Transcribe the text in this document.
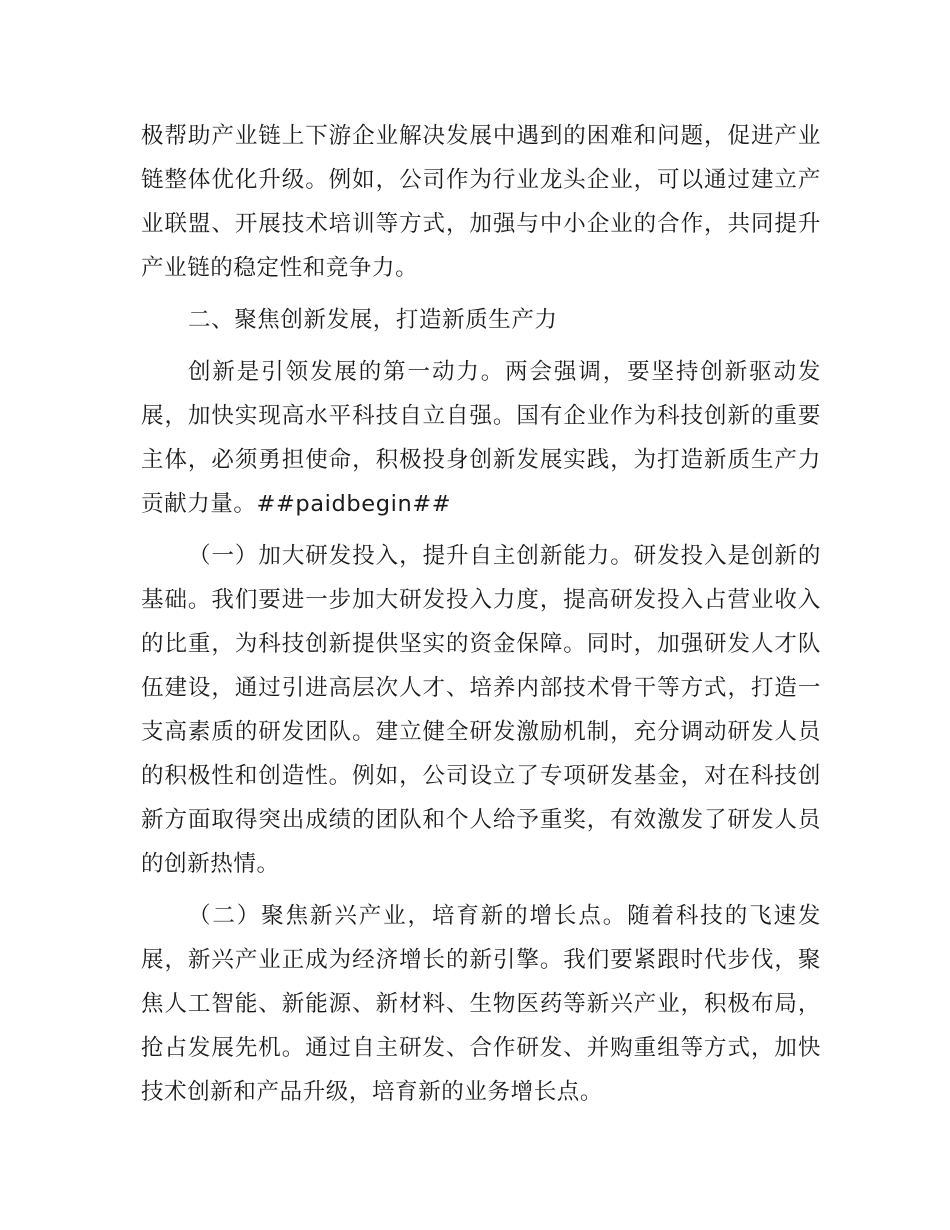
极帮助产业链上下游企业解决发展中遇到的困难和问题，促进产业链整体优化升级。例如，公司作为行业龙头企业，可以通过建立产业联盟、开展技术培训等方式，加强与中小企业的合作，共同提升产业链的稳定性和竞争力。

二、聚焦创新发展，打造新质生产力

创新是引领发展的第一动力。两会强调，要坚持创新驱动发展，加快实现高水平科技自立自强。国有企业作为科技创新的重要主体，必须勇担使命，积极投身创新发展实践，为打造新质生产力贡献力量。##paidbegin##

（一）加大研发投入，提升自主创新能力。研发投入是创新的基础。我们要进一步加大研发投入力度，提高研发投入占营业收入的比重，为科技创新提供坚实的资金保障。同时，加强研发人才队伍建设，通过引进高层次人才、培养内部技术骨干等方式，打造一支高素质的研发团队。建立健全研发激励机制，充分调动研发人员的积极性和创造性。例如，公司设立了专项研发基金，对在科技创新方面取得突出成绩的团队和个人给予重奖，有效激发了研发人员的创新热情。

（二）聚焦新兴产业，培育新的增长点。随着科技的飞速发展，新兴产业正成为经济增长的新引擎。我们要紧跟时代步伐，聚焦人工智能、新能源、新材料、生物医药等新兴产业，积极布局，抢占发展先机。通过自主研发、合作研发、并购重组等方式，加快技术创新和产品升级，培育新的业务增长点。
